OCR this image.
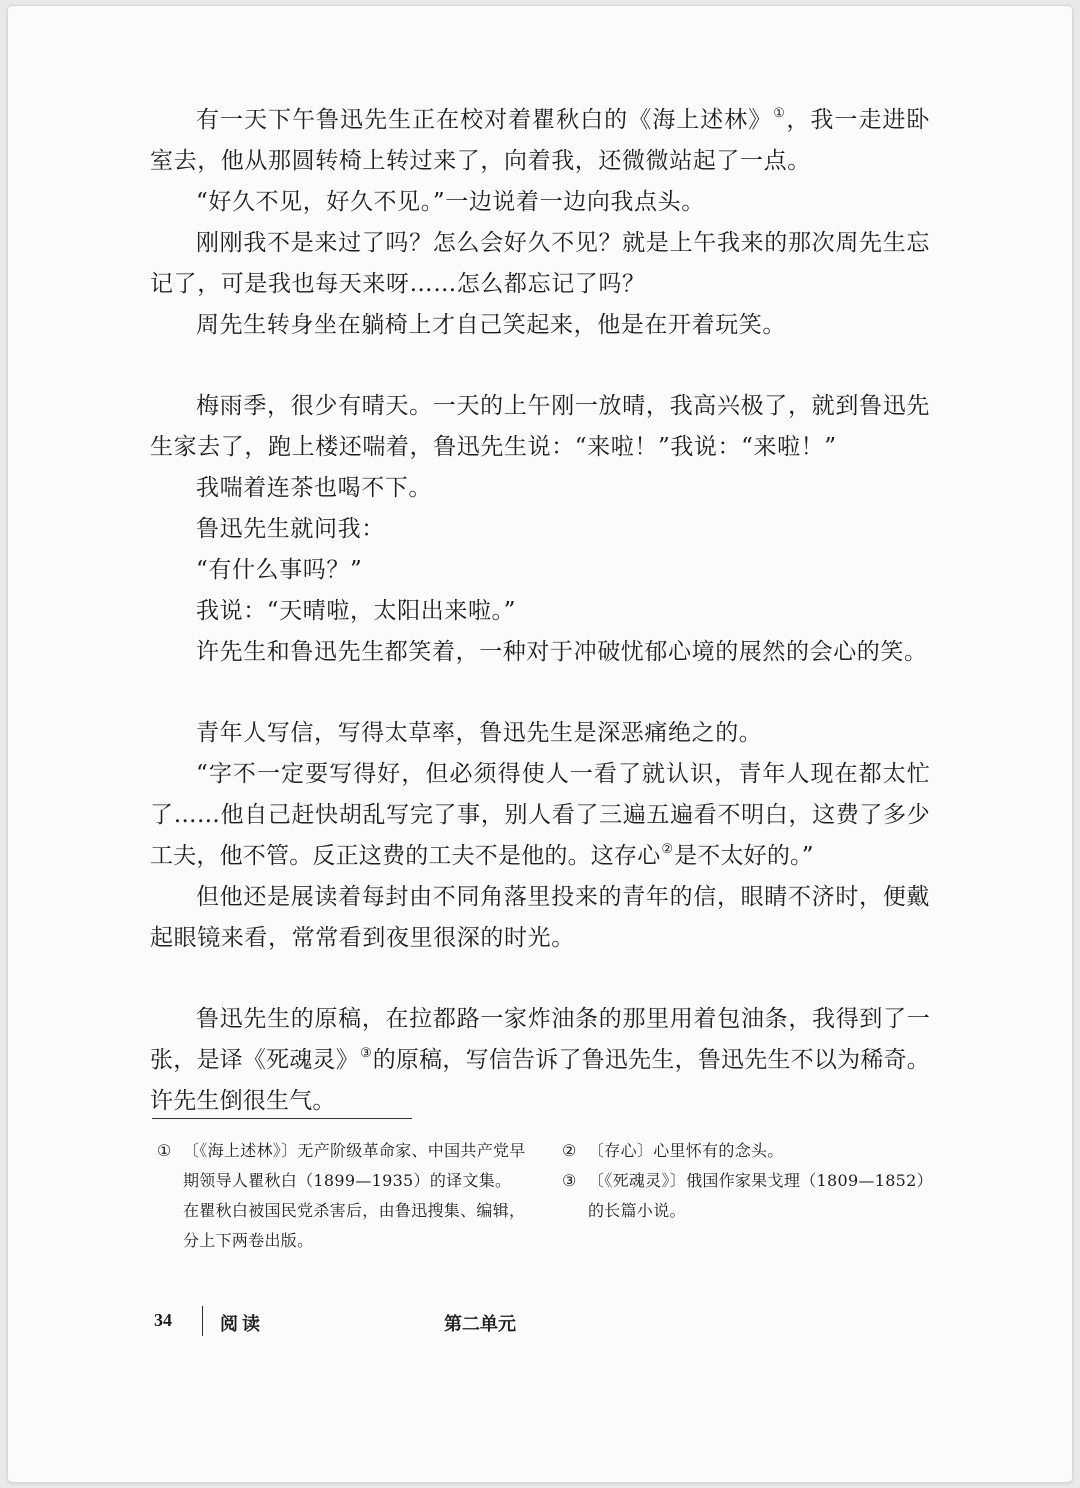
有一天下午鲁迅先生正在校对着瞿秋白的《海上述林》①，我一走进卧室去，他从那圆转椅上转过来了，向着我，还微微站起了一点。

“好久不见，好久不见。”一边说着一边向我点头。

刚刚我不是来过了吗？怎么会好久不见？就是上午我来的那次周先生忘记了，可是我也每天来呀……怎么都忘记了吗？

周先生转身坐在躺椅上才自己笑起来，他是在开着玩笑。

梅雨季，很少有晴天。一天的上午刚一放晴，我高兴极了，就到鲁迅先生家去了，跑上楼还喘着，鲁迅先生说：“来啦！”我说：“来啦！”

我喘着连茶也喝不下。

鲁迅先生就问我：

“有什么事吗？”

我说：“天晴啦，太阳出来啦。”

许先生和鲁迅先生都笑着，一种对于冲破忧郁心境的展然的会心的笑。

青年人写信，写得太草率，鲁迅先生是深恶痛绝之的。

“字不一定要写得好，但必须得使人一看了就认识，青年人现在都太忙了……他自己赶快胡乱写完了事，别人看了三遍五遍看不明白，这费了多少工夫，他不管。反正这费的工夫不是他的。这存心②是不太好的。”

但他还是展读着每封由不同角落里投来的青年的信，眼睛不济时，便戴起眼镜来看，常常看到夜里很深的时光。

鲁迅先生的原稿，在拉都路一家炸油条的那里用着包油条，我得到了一张，是译《死魂灵》③的原稿，写信告诉了鲁迅先生，鲁迅先生不以为稀奇。许先生倒很生气。

① 〔《海上述林》〕无产阶级革命家、中国共产党早期领导人瞿秋白（1899—1935）的译文集。在瞿秋白被国民党杀害后，由鲁迅搜集、编辑，分上下两卷出版。

② 〔存心〕心里怀有的念头。

③ 〔《死魂灵》〕俄国作家果戈理（1809—1852）的长篇小说。

34	阅读	第二单元
